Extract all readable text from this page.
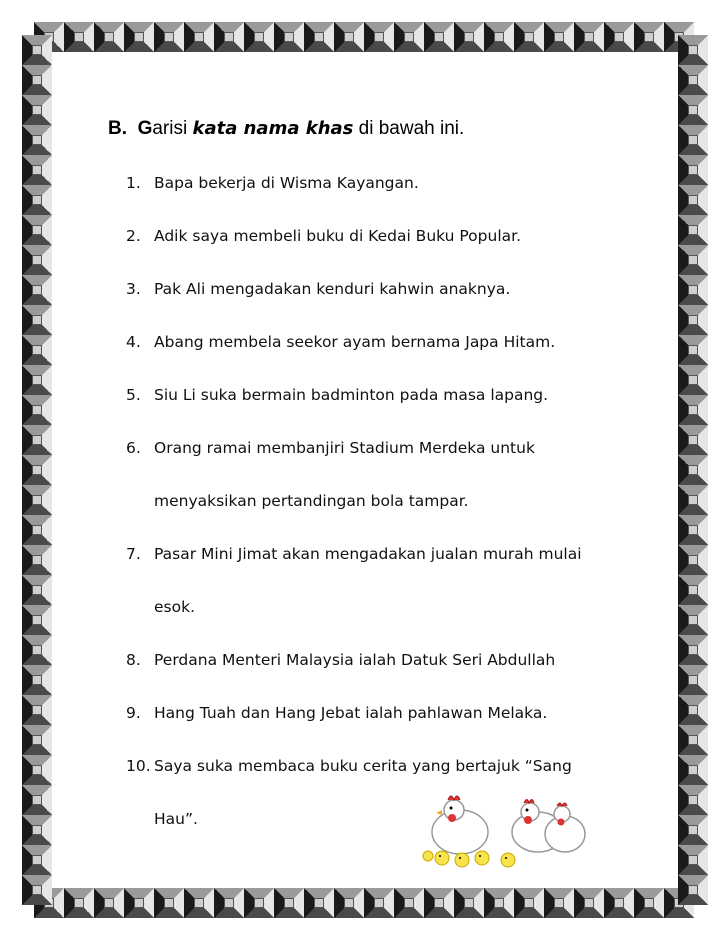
B. Garisi kata nama khas di bawah ini.

1. Bapa bekerja di Wisma Kayangan.
2. Adik saya membeli buku di Kedai Buku Popular.
3. Pak Ali mengadakan kenduri kahwin anaknya.
4. Abang membela seekor ayam bernama Japa Hitam.
5. Siu Li suka bermain badminton pada masa lapang.
6. Orang ramai membanjiri Stadium Merdeka untuk
menyaksikan pertandingan bola tampar.
7. Pasar Mini Jimat akan mengadakan jualan murah mulai
esok.
8. Perdana Menteri Malaysia ialah Datuk Seri Abdullah
9. Hang Tuah dan Hang Jebat ialah pahlawan Melaka.
10. Saya suka membaca buku cerita yang bertajuk “Sang
Hau”.
